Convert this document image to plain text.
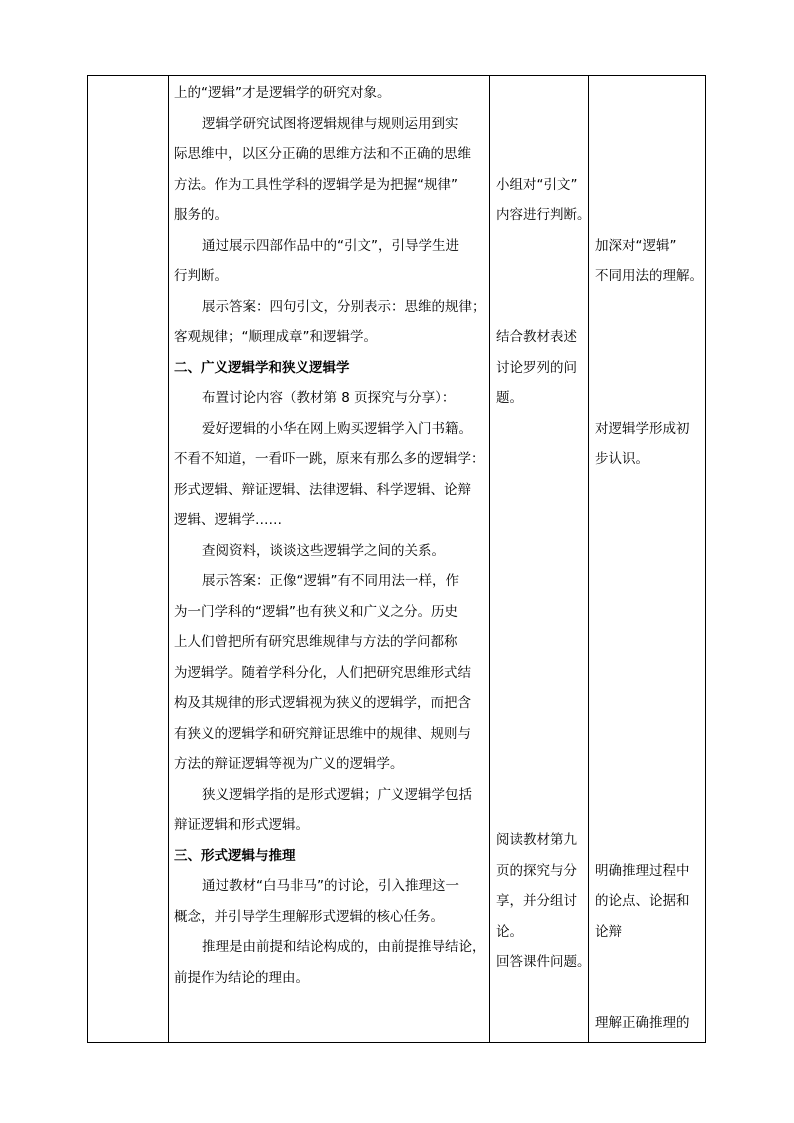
上的“逻辑”才是逻辑学的研究对象。
逻辑学研究试图将逻辑规律与规则运用到实
际思维中，以区分正确的思维方法和不正确的思维
方法。作为工具性学科的逻辑学是为把握“规律”
服务的。
通过展示四部作品中的“引文”，引导学生进
行判断。
展示答案：四句引文，分别表示：思维的规律；
客观规律；“顺理成章”和逻辑学。
二、广义逻辑学和狭义逻辑学
布置讨论内容（教材第 8 页探究与分享）：
爱好逻辑的小华在网上购买逻辑学入门书籍。
不看不知道，一看吓一跳，原来有那么多的逻辑学：
形式逻辑、辩证逻辑、法律逻辑、科学逻辑、论辩
逻辑、逻辑学……
查阅资料，谈谈这些逻辑学之间的关系。
展示答案：正像“逻辑”有不同用法一样，作
为一门学科的“逻辑”也有狭义和广义之分。历史
上人们曾把所有研究思维规律与方法的学问都称
为逻辑学。随着学科分化，人们把研究思维形式结
构及其规律的形式逻辑视为狭义的逻辑学，而把含
有狭义的逻辑学和研究辩证思维中的规律、规则与
方法的辩证逻辑等视为广义的逻辑学。
狭义逻辑学指的是形式逻辑；广义逻辑学包括
辩证逻辑和形式逻辑。
三、形式逻辑与推理
通过教材“白马非马”的讨论，引入推理这一
概念，并引导学生理解形式逻辑的核心任务。
推理是由前提和结论构成的，由前提推导结论，
前提作为结论的理由。
小组对“引文”
内容进行判断。
结合教材表述
讨论罗列的问
题。
阅读教材第九
页的探究与分
享，并分组讨
论。
回答课件问题。
加深对“逻辑”
不同用法的理解。
对逻辑学形成初
步认识。
明确推理过程中
的论点、论据和
论辩
理解正确推理的
